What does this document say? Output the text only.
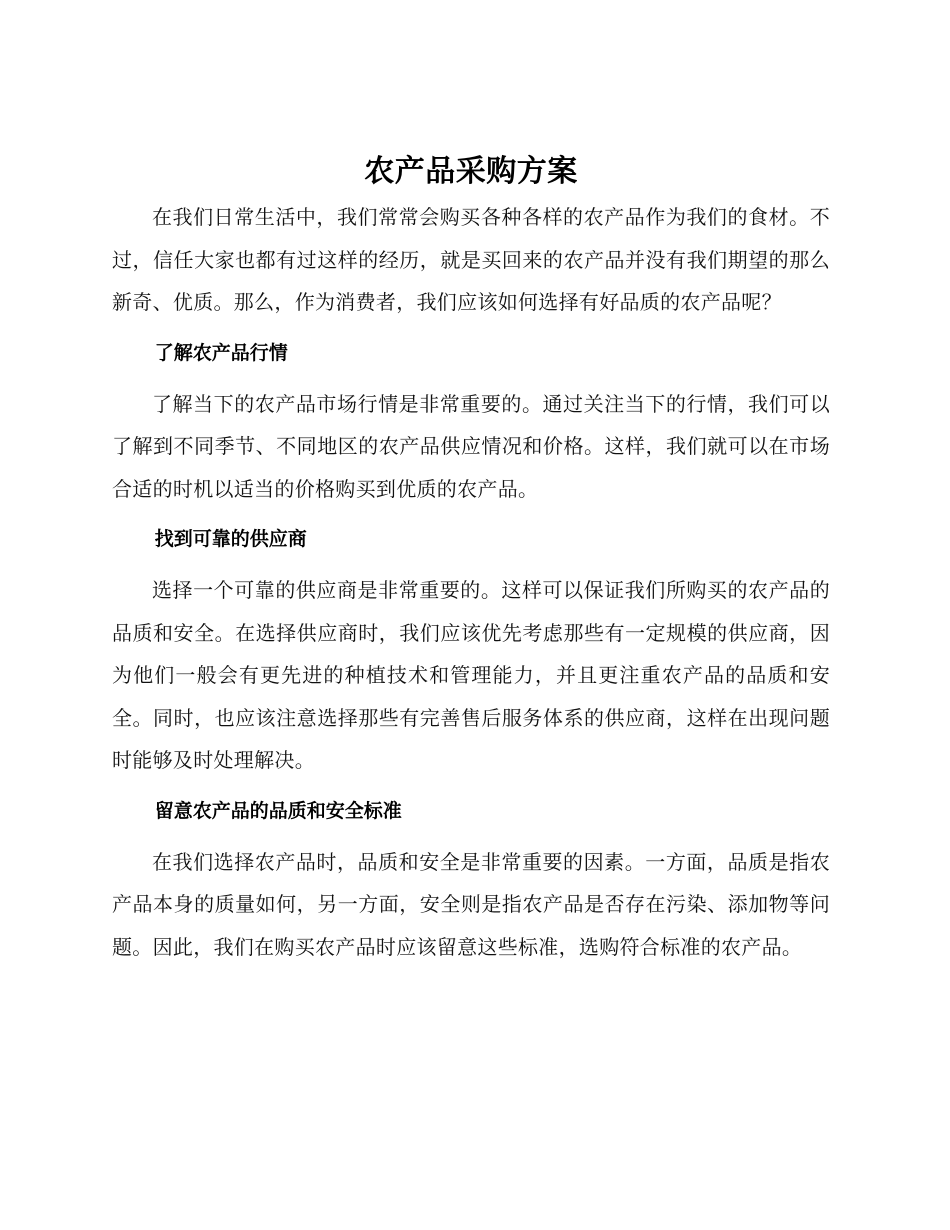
农产品采购方案

在我们日常生活中，我们常常会购买各种各样的农产品作为我们的食材。不过，信任大家也都有过这样的经历，就是买回来的农产品并没有我们期望的那么新奇、优质。那么，作为消费者，我们应该如何选择有好品质的农产品呢？

了解农产品行情

了解当下的农产品市场行情是非常重要的。通过关注当下的行情，我们可以了解到不同季节、不同地区的农产品供应情况和价格。这样，我们就可以在市场合适的时机以适当的价格购买到优质的农产品。

找到可靠的供应商

选择一个可靠的供应商是非常重要的。这样可以保证我们所购买的农产品的品质和安全。在选择供应商时，我们应该优先考虑那些有一定规模的供应商，因为他们一般会有更先进的种植技术和管理能力，并且更注重农产品的品质和安全。同时，也应该注意选择那些有完善售后服务体系的供应商，这样在出现问题时能够及时处理解决。

留意农产品的品质和安全标准

在我们选择农产品时，品质和安全是非常重要的因素。一方面，品质是指农产品本身的质量如何，另一方面，安全则是指农产品是否存在污染、添加物等问题。因此，我们在购买农产品时应该留意这些标准，选购符合标准的农产品。
